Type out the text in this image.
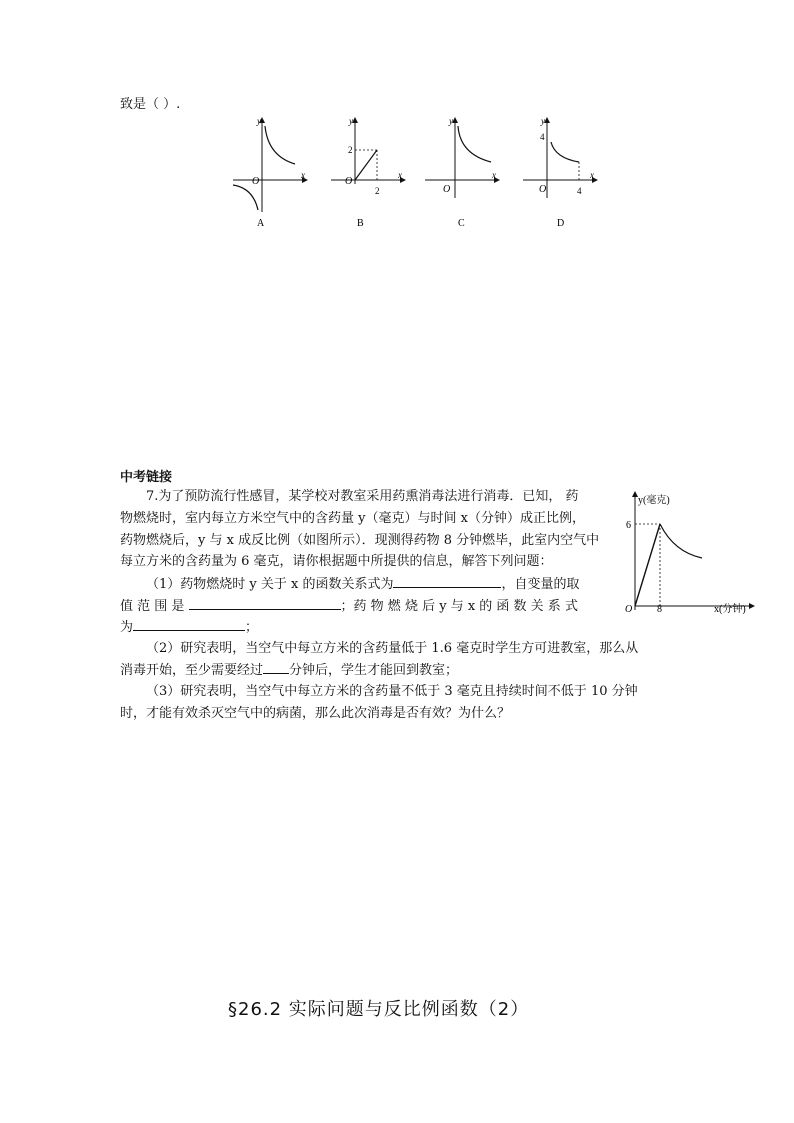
致是（ ）.
y
x
O
A
y
x
O
2
2
B
y
x
O
C
y
x
O
4
4
D
中考链接
7.为了预防流行性感冒，某学校对教室采用药熏消毒法进行消毒．已知， 药
物燃烧时，室内每立方米空气中的含药量 y（毫克）与时间 x（分钟）成正比例，
药物燃烧后，y 与 x 成反比例（如图所示）．现测得药物 8 分钟燃毕，此室内空气中
每立方米的含药量为 6 毫克，请你根据题中所提供的信息，解答下列问题：
（1）药物燃烧时 y 关于 x 的函数关系式为	，自变量的取
值 范 围 是	；药 物 燃 烧 后 y 与 x 的 函 数 关 系 式
为	；
（2）研究表明，当空气中每立方米的含药量低于 1.6 毫克时学生方可进教室，那么从
消毒开始，至少需要经过 分钟后，学生才能回到教室；
（3）研究表明，当空气中每立方米的含药量不低于 3 毫克且持续时间不低于 10 分钟
时，才能有效杀灭空气中的病菌，那么此次消毒是否有效？为什么？
y(毫克)
x(分钟)
6
8
O
§26.2 实际问题与反比例函数（2）
